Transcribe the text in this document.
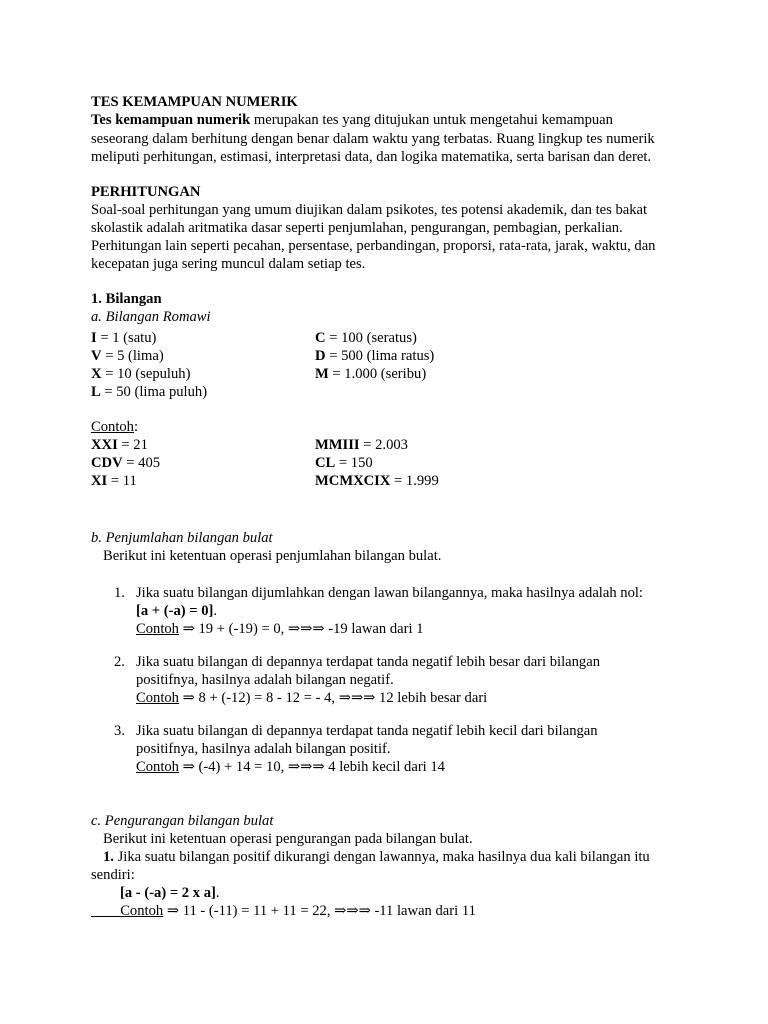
TES KEMAMPUAN NUMERIK
Tes kemampuan numerik merupakan tes yang ditujukan untuk mengetahui kemampuan
seseorang dalam berhitung dengan benar dalam waktu yang terbatas. Ruang lingkup tes numerik
meliputi perhitungan, estimasi, interpretasi data, dan logika matematika, serta barisan dan deret.
PERHITUNGAN
Soal-soal perhitungan yang umum diujikan dalam psikotes, tes potensi akademik, dan tes bakat
skolastik adalah aritmatika dasar seperti penjumlahan, pengurangan, pembagian, perkalian.
Perhitungan lain seperti pecahan, persentase, perbandingan, proporsi, rata-rata, jarak, waktu, dan
kecepatan juga sering muncul dalam setiap tes.
1. Bilangan
a. Bilangan Romawi
I = 1 (satu)
V = 5 (lima)
X = 10 (sepuluh)
L = 50 (lima puluh)
C = 100 (seratus)
D = 500 (lima ratus)
M = 1.000 (seribu)
Contoh:
XXI = 21
CDV = 405
XI = 11
MMIII = 2.003
CL = 150
MCMXCIX = 1.999
b. Penjumlahan bilangan bulat
Berikut ini ketentuan operasi penjumlahan bilangan bulat.
1. Jika suatu bilangan dijumlahkan dengan lawan bilangannya, maka hasilnya adalah nol:
[a + (-a) = 0].
Contoh ⇒ 19 + (-19) = 0, ⇒⇒⇒ -19 lawan dari 1
2. Jika suatu bilangan di depannya terdapat tanda negatif lebih besar dari bilangan
positifnya, hasilnya adalah bilangan negatif.
Contoh ⇒ 8 + (-12) = 8 - 12 = - 4, ⇒⇒⇒ 12 lebih besar dari
3. Jika suatu bilangan di depannya terdapat tanda negatif lebih kecil dari bilangan
positifnya, hasilnya adalah bilangan positif.
Contoh ⇒ (-4) + 14 = 10, ⇒⇒⇒ 4 lebih kecil dari 14
c. Pengurangan bilangan bulat
Berikut ini ketentuan operasi pengurangan pada bilangan bulat.
1. Jika suatu bilangan positif dikurangi dengan lawannya, maka hasilnya dua kali bilangan itu
sendiri:
[a - (-a) = 2 x a].
Contoh ⇒ 11 - (-11) = 11 + 11 = 22, ⇒⇒⇒ -11 lawan dari 11
